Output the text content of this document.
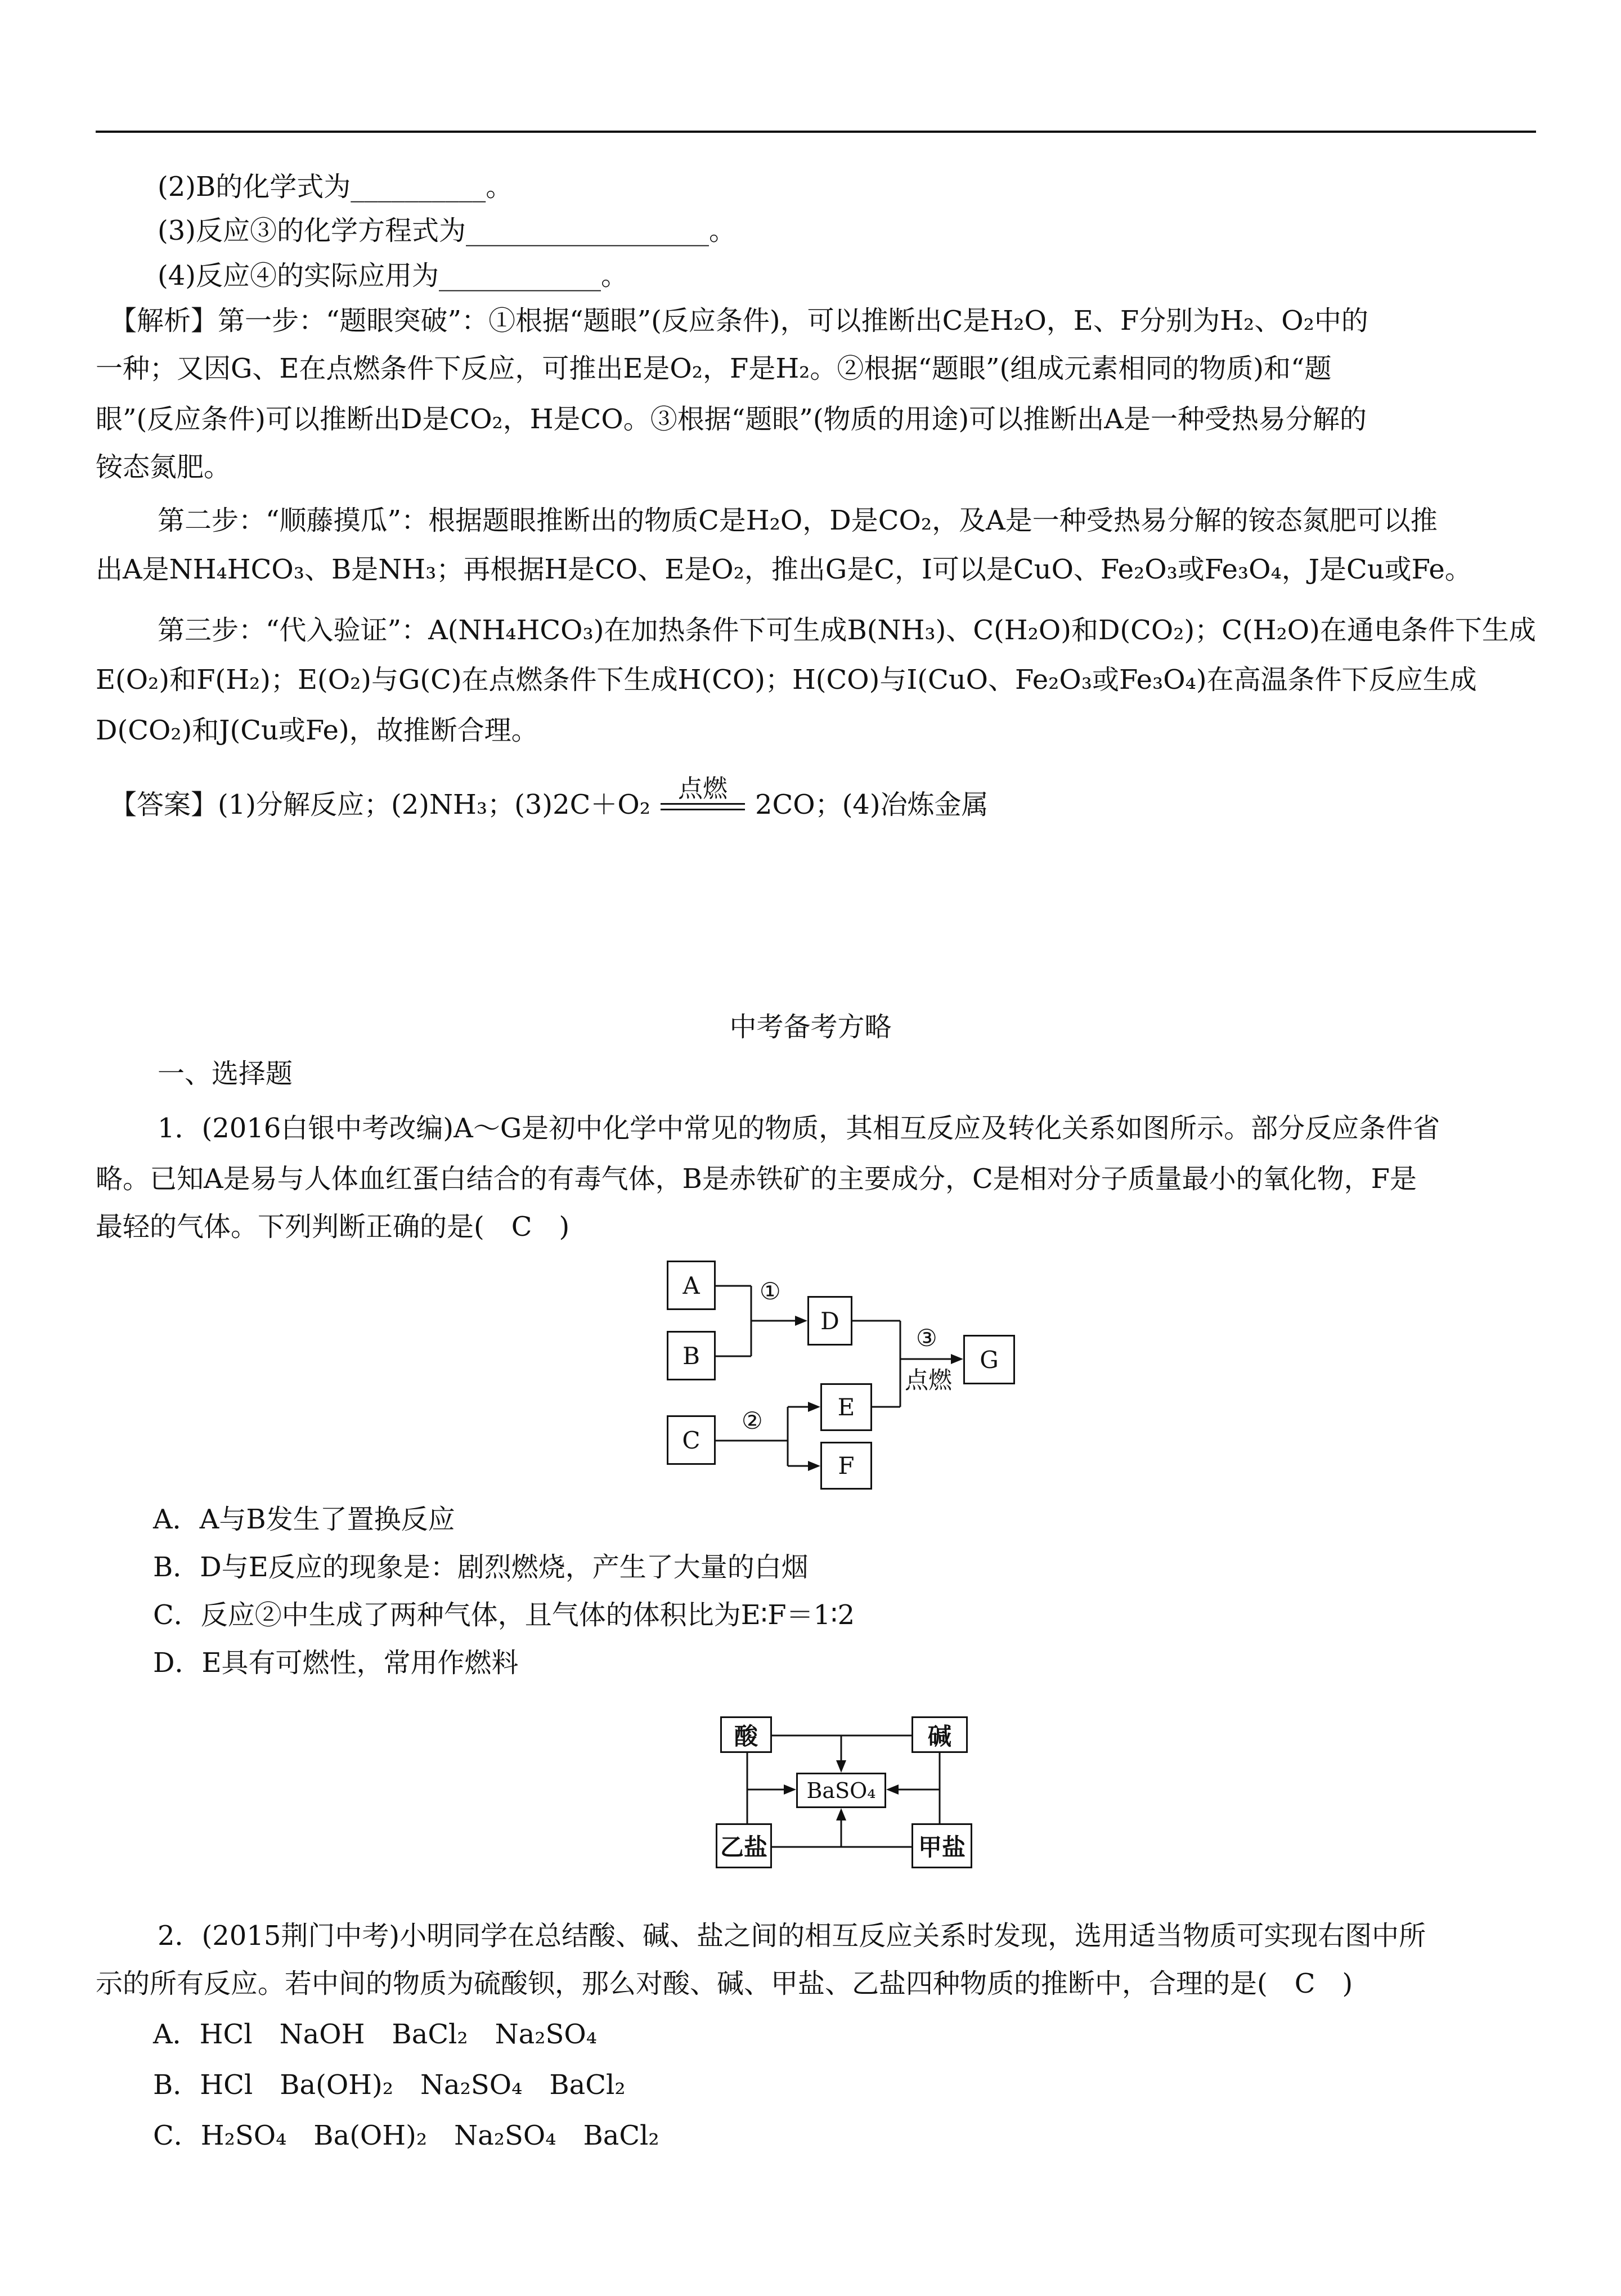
(2)B的化学式为__________。

(3)反应③的化学方程式为__________________。

(4)反应④的实际应用为____________。

【解析】第一步：“题眼突破”：①根据“题眼”(反应条件)，可以推断出C是H₂O，E、F分别为H₂、O₂中的

一种；又因G、E在点燃条件下反应，可推出E是O₂，F是H₂。②根据“题眼”(组成元素相同的物质)和“题

眼”(反应条件)可以推断出D是CO₂，H是CO。③根据“题眼”(物质的用途)可以推断出A是一种受热易分解的

铵态氮肥。

第二步：“顺藤摸瓜”：根据题眼推断出的物质C是H₂O，D是CO₂，及A是一种受热易分解的铵态氮肥可以推

出A是NH₄HCO₃、B是NH₃；再根据H是CO、E是O₂，推出G是C，I可以是CuO、Fe₂O₃或Fe₃O₄，J是Cu或Fe。

第三步：“代入验证”：A(NH₄HCO₃)在加热条件下可生成B(NH₃)、C(H₂O)和D(CO₂)；C(H₂O)在通电条件下生成

E(O₂)和F(H₂)；E(O₂)与G(C)在点燃条件下生成H(CO)；H(CO)与I(CuO、Fe₂O₃或Fe₃O₄)在高温条件下反应生成

D(CO₂)和J(Cu或Fe)，故推断合理。

【答案】(1)分解反应；(2)NH₃；(3)2C＋O₂	点燃	2CO；(4)冶炼金属

中考备考方略

一、选择题

1．(2016白银中考改编)A～G是初中化学中常见的物质，其相互反应及转化关系如图所示。部分反应条件省

略。已知A是易与人体血红蛋白结合的有毒气体，B是赤铁矿的主要成分，C是相对分子质量最小的氧化物，F是

最轻的气体。下列判断正确的是(　C　)

A
B
C
D
E
F
G
①
②
③
点燃

A．A与B发生了置换反应

B．D与E反应的现象是：剧烈燃烧，产生了大量的白烟

C．反应②中生成了两种气体，且气体的体积比为E∶F＝1∶2

D．E具有可燃性，常用作燃料

酸	碱
BaSO₄
乙盐	甲盐

2．(2015荆门中考)小明同学在总结酸、碱、盐之间的相互反应关系时发现，选用适当物质可实现右图中所

示的所有反应。若中间的物质为硫酸钡，那么对酸、碱、甲盐、乙盐四种物质的推断中，合理的是(　C　)

A．HCl　NaOH　BaCl₂　Na₂SO₄

B．HCl　Ba(OH)₂　Na₂SO₄　BaCl₂

C．H₂SO₄　Ba(OH)₂　Na₂SO₄　BaCl₂
